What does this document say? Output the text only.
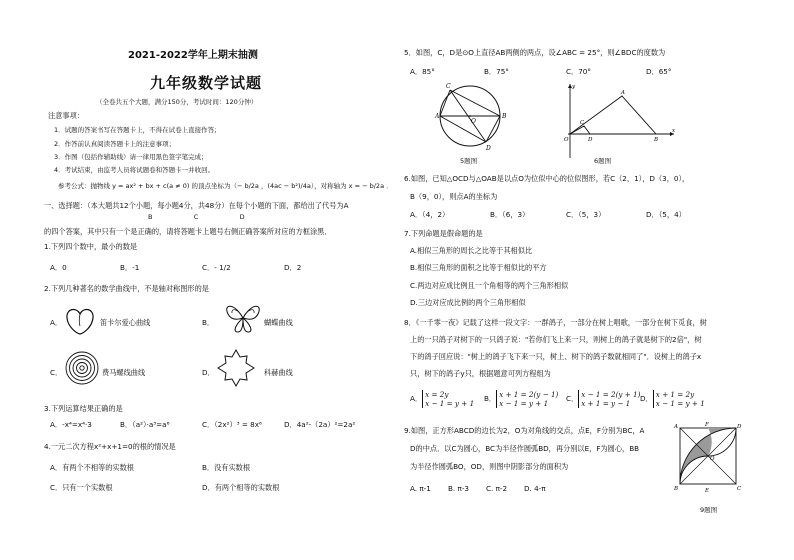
2021-2022学年上期末抽测
九年级数学试题
（全卷共五个大题，满分150分，考试时间：120分钟）
注意事项：
1．试题的答案书写在答题卡上，不得在试卷上直接作答；
2．作答前认真阅读答题卡上的注意事项；
3．作图（包括作辅助线）请一律用黑色签字笔完成；
4．考试结束，由监考人员将试题卷和答题卡一并收回。
参考公式：抛物线 y = ax² + bx + c(a ≠ 0) 的顶点坐标为（− b/2a ，(4ac − b²)/4a），对称轴为 x = − b/2a ．
一、选择题：（本大题共12个小题，每小题4分，共48分）在每个小题的下面，都给出了代号为A
B                    C                    D
的四个答案，其中只有一个是正确的，请将答题卡上题号右侧正确答案所对应的方框涂黑．
1.下列四个数中，最小的数是
A．0	B．-1	C．- 1/2	D．2
2.下列几种著名的数学曲线中，不是轴对称图形的是
A．	笛卡尔爱心曲线	B．	蝴蝶曲线
C．	费马螺线曲线	D．	科赫曲线
3.下列运算结果正确的是
A．-x⁴=x⁴·3	B．（a²）·a³=a⁶	C．（2x²）³ = 8x⁶	D．4a²-（2a）²=2a²
4.一元二次方程x²+x+1=0的根的情况是
A．有两个不相等的实数根	B．没有实数根
C．只有一个实数根	D．有两个相等的实数根
5．如图，C，D是⊙O上直径AB两侧的两点，设∠ABC = 25°，则∠BDC的度数为
A．85°	B．75°	C．70°	D．65°
A	B
C
D
O
5题图
x
y
O
A
B
C
D
6题图
6.如图，已知△OCD与△OAB是以点O为位似中心的位似图形，若C（2，1），D（3，0），
B（9，0），则点A的坐标为
A．（4，2）	B．（6，3）	C．（5，3）	D．（5，4）
7.下列命题是假命题的是
A.相似三角形的周长之比等于其相似比
B.相似三角形的面积之比等于相似比的平方
C.两边对应成比例且一个角相等的两个三角形相似
D.三边对应成比例的两个三角形相似
8．《一千零一夜》记载了这样一段文字：一群鸽子，一部分在树上唱歌，一部分在树下觅食，树
上的一只鸽子对树下的一只鸽子说："若你们飞上来一只，则树上的鸽子就是树下的2倍"，树
下的鸽子回应说："树上的鸽子飞下来一只，树上、树下的鸽子数就相同了"．设树上的鸽子x
只，树下的鸽子y只，根据题意可列方程组为
A． x = 2y
x − 1 = y + 1
B． x + 1 = 2(y − 1)
x − 1 = y + 1
C． x − 1 = 2(y + 1)
x + 1 = y − 1
D． x + 1 = 2y
x − 1 = y + 1
9.如图，正方形ABCD的边长为2，O为对角线的交点，点E，F分别为BC，A
D的中点．以C为圆心，BC为半径作圆弧BD，再分别以E，F为圆心，BB
为半径作圆弧BO，OD，则图中阴影部分的面积为
A. π-1 B. π-3 C. π-2 D. 4-π
A	F	D
B	E	C
O
9题图
